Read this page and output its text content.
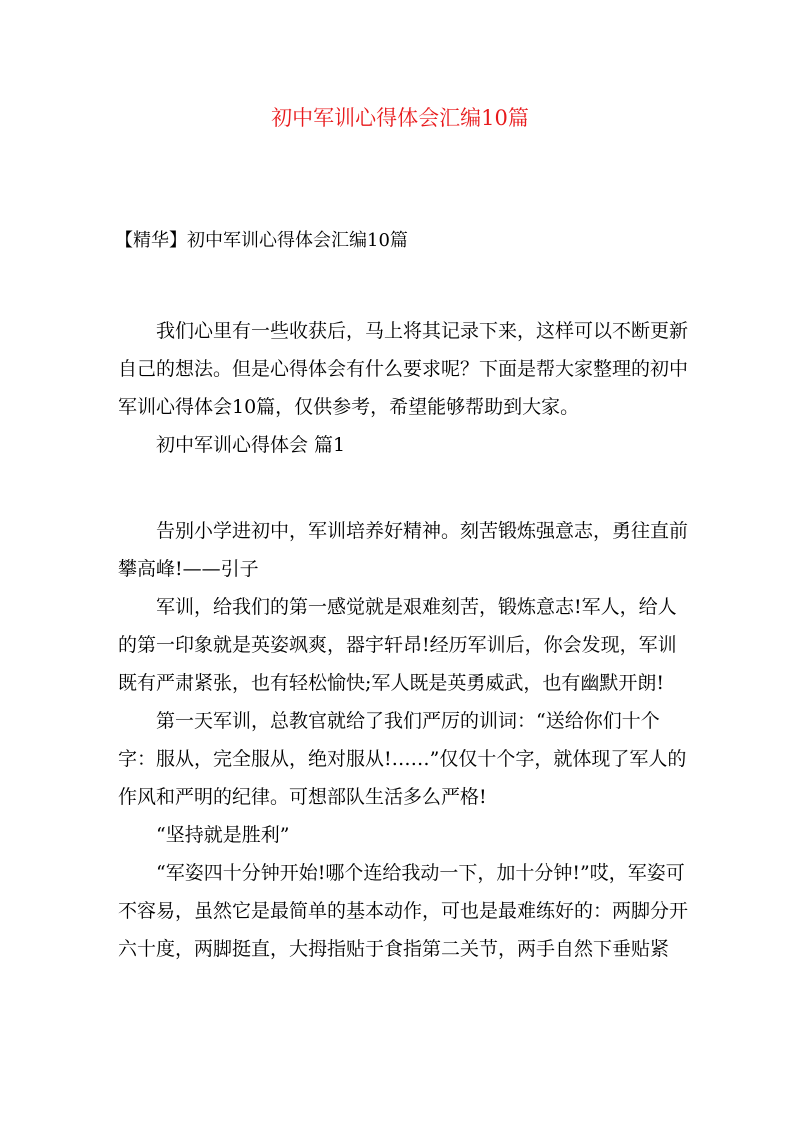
初中军训心得体会汇编10篇
【精华】初中军训心得体会汇编10篇

我们心里有一些收获后，马上将其记录下来，这样可以不断更新自己的想法。但是心得体会有什么要求呢？下面是帮大家整理的初中军训心得体会10篇，仅供参考，希望能够帮助到大家。

初中军训心得体会 篇1

告别小学进初中，军训培养好精神。刻苦锻炼强意志，勇往直前攀高峰!——引子

军训，给我们的第一感觉就是艰难刻苦，锻炼意志!军人，给人的第一印象就是英姿飒爽，器宇轩昂!经历军训后，你会发现，军训既有严肃紧张，也有轻松愉快;军人既是英勇威武，也有幽默开朗!

第一天军训，总教官就给了我们严厉的训词：“送给你们十个字：服从，完全服从，绝对服从!……”仅仅十个字，就体现了军人的作风和严明的纪律。可想部队生活多么严格!

“坚持就是胜利”

“军姿四十分钟开始!哪个连给我动一下，加十分钟!”哎，军姿可不容易，虽然它是最简单的基本动作，可也是最难练好的：两脚分开六十度，两脚挺直，大拇指贴于食指第二关节，两手自然下垂贴紧
